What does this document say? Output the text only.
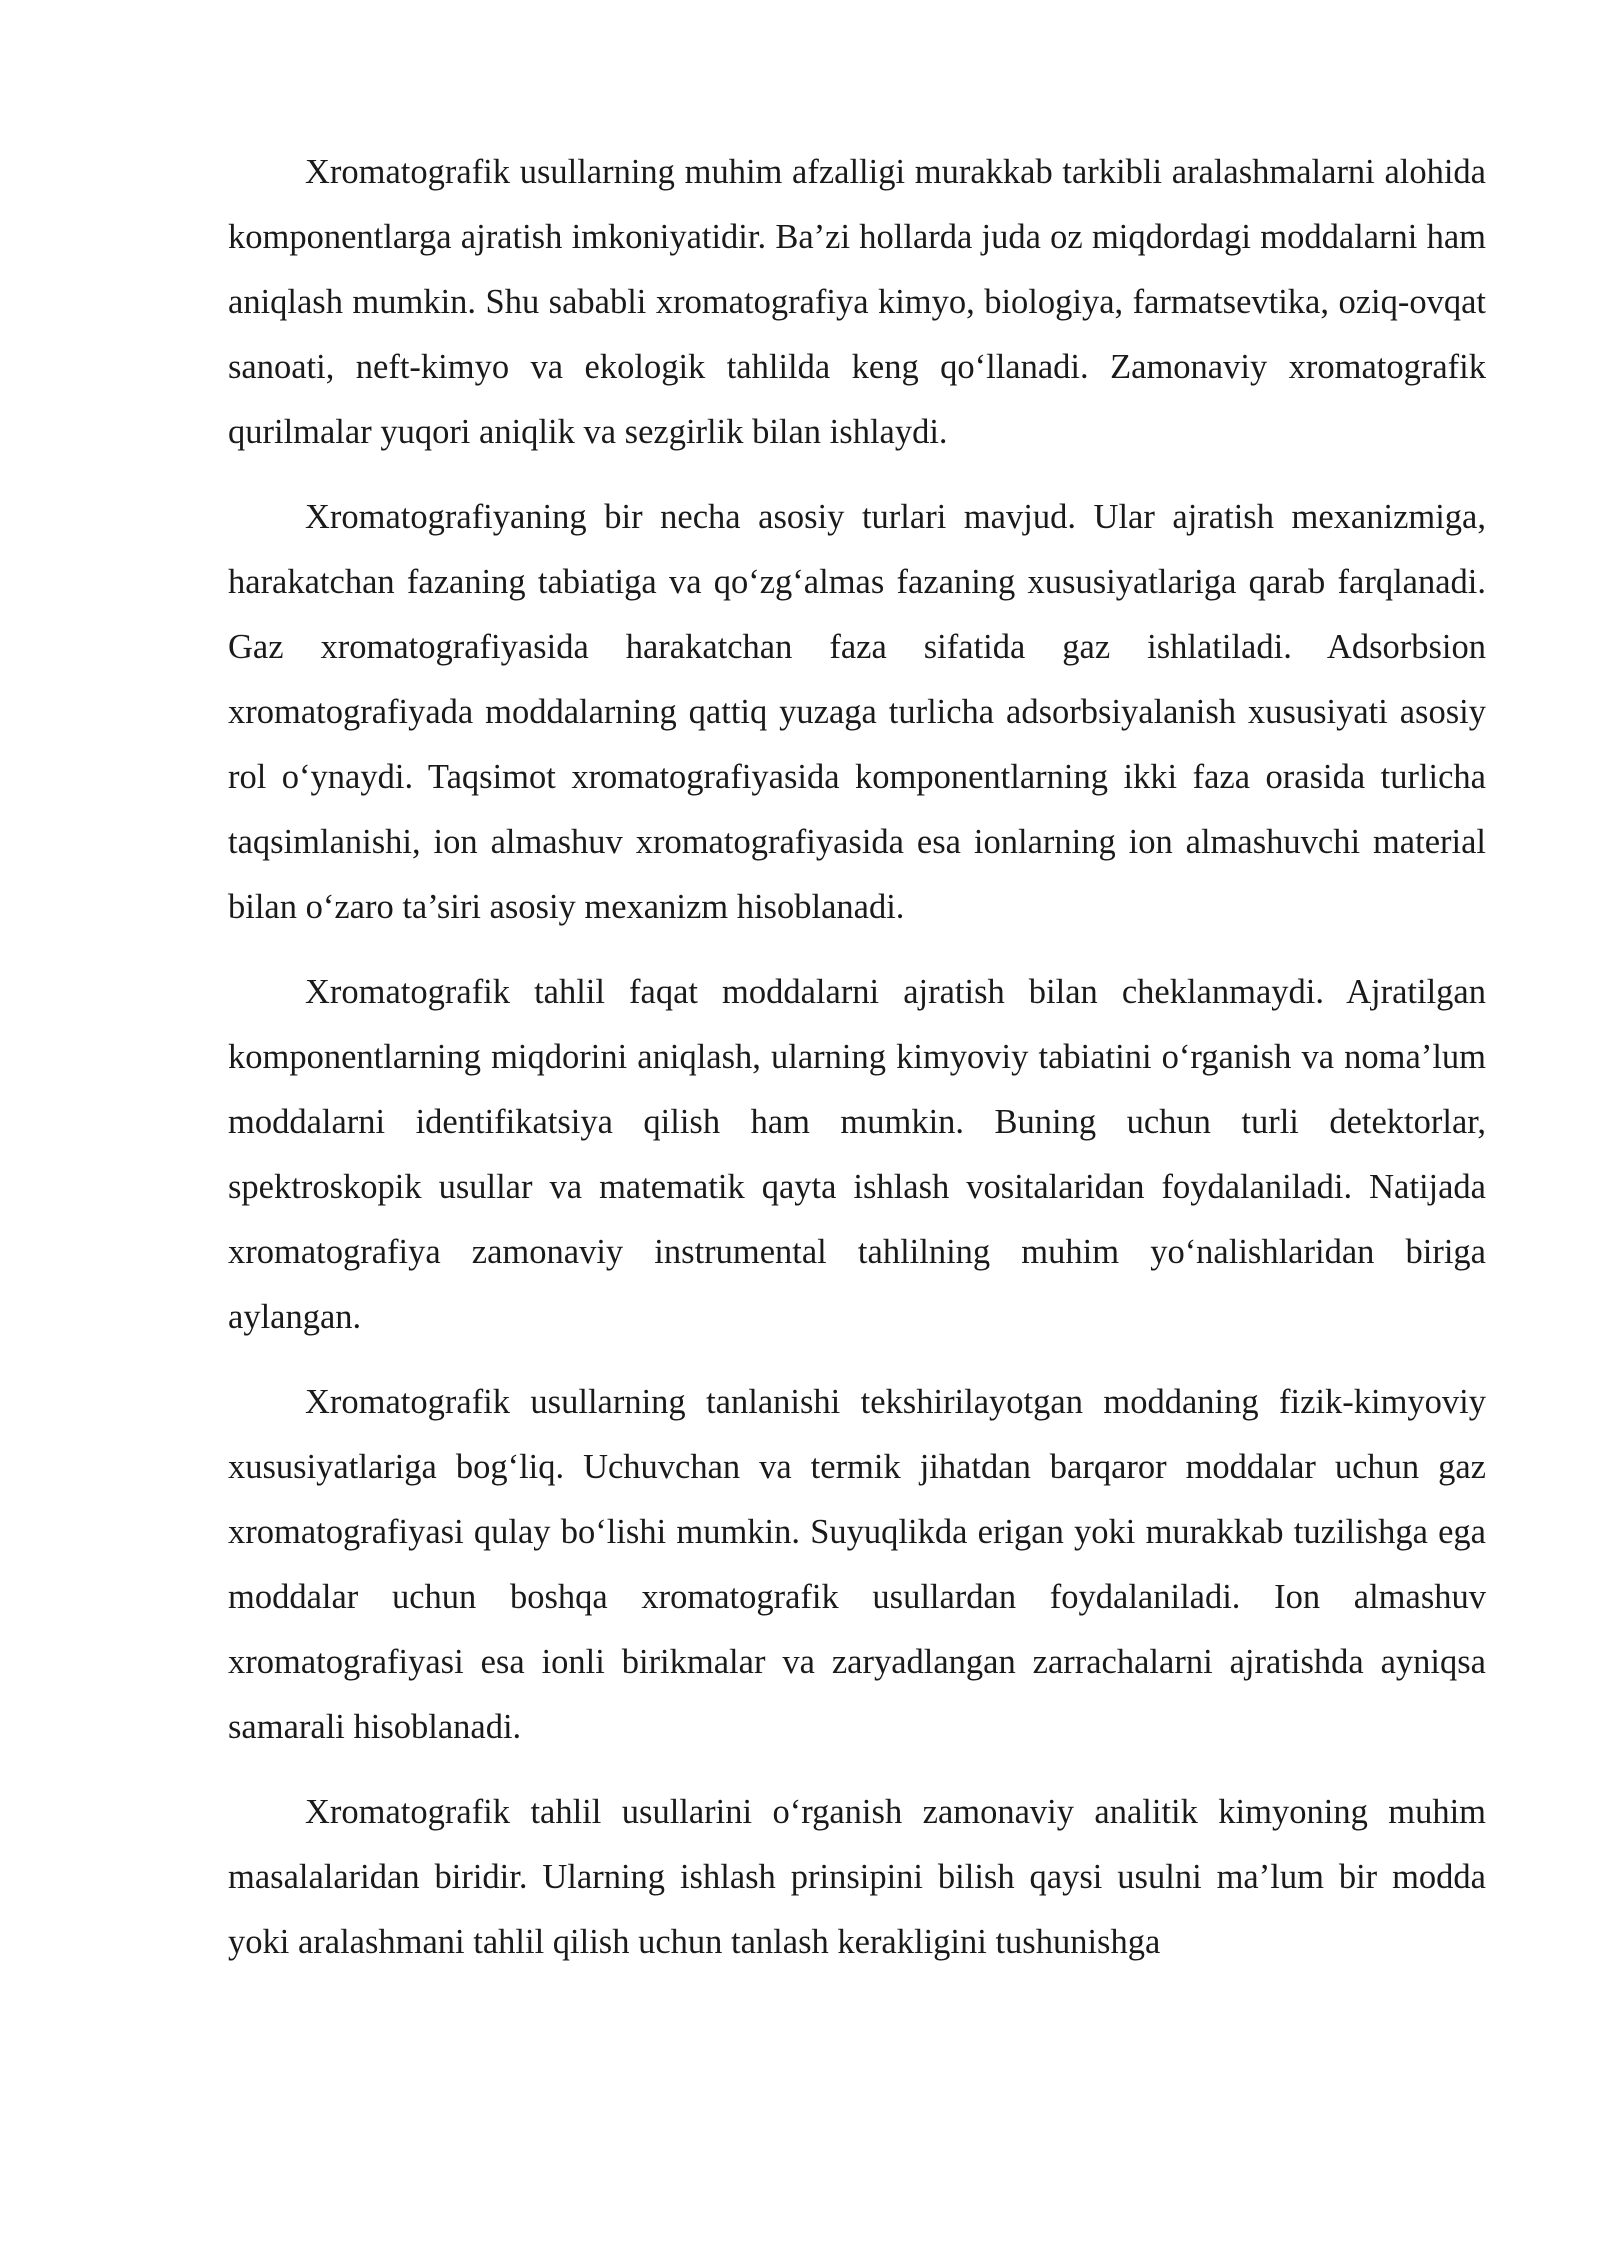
Xromatografik usullarning muhim afzalligi murakkab tarkibli aralashmalarni alohida komponentlarga ajratish imkoniyatidir. Ba’zi hollarda juda oz miqdordagi moddalarni ham aniqlash mumkin. Shu sababli xromatografiya kimyo, biologiya, farmatsevtika, oziq-ovqat sanoati, neft-kimyo va ekologik tahlilda keng qo‘llanadi. Zamonaviy xromatografik qurilmalar yuqori aniqlik va sezgirlik bilan ishlaydi.

Xromatografiyaning bir necha asosiy turlari mavjud. Ular ajratish mexanizmiga, harakatchan fazaning tabiatiga va qo‘zg‘almas fazaning xususiyatlariga qarab farqlanadi. Gaz xromatografiyasida harakatchan faza sifatida gaz ishlatiladi. Adsorbsion xromatografiyada moddalarning qattiq yuzaga turlicha adsorbsiyalanish xususiyati asosiy rol o‘ynaydi. Taqsimot xromatografiyasida komponentlarning ikki faza orasida turlicha taqsimlanishi, ion almashuv xromatografiyasida esa ionlarning ion almashuvchi material bilan o‘zaro ta’siri asosiy mexanizm hisoblanadi.

Xromatografik tahlil faqat moddalarni ajratish bilan cheklanmaydi. Ajratilgan komponentlarning miqdorini aniqlash, ularning kimyoviy tabiatini o‘rganish va noma’lum moddalarni identifikatsiya qilish ham mumkin. Buning uchun turli detektorlar, spektroskopik usullar va matematik qayta ishlash vositalaridan foydalaniladi. Natijada xromatografiya zamonaviy instrumental tahlilning muhim yo‘nalishlaridan biriga aylangan.

Xromatografik usullarning tanlanishi tekshirilayotgan moddaning fizik-kimyoviy xususiyatlariga bog‘liq. Uchuvchan va termik jihatdan barqaror moddalar uchun gaz xromatografiyasi qulay bo‘lishi mumkin. Suyuqlikda erigan yoki murakkab tuzilishga ega moddalar uchun boshqa xromatografik usullardan foydalaniladi. Ion almashuv xromatografiyasi esa ionli birikmalar va zaryadlangan zarrachalarni ajratishda ayniqsa samarali hisoblanadi.

Xromatografik tahlil usullarini o‘rganish zamonaviy analitik kimyoning muhim masalalaridan biridir. Ularning ishlash prinsipini bilish qaysi usulni ma’lum bir modda yoki aralashmani tahlil qilish uchun tanlash kerakligini tushunishga
